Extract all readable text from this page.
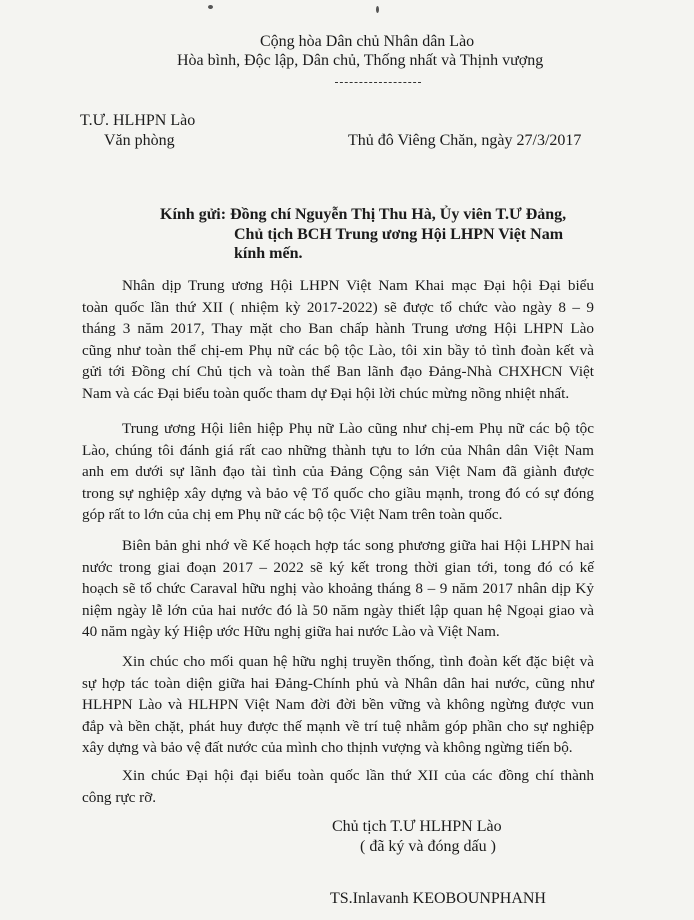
Cộng hòa Dân chủ Nhân dân Lào
Hòa bình, Độc lập, Dân chủ, Thống nhất và Thịnh vượng
T.Ư. HLHPN Lào
Văn phòng	Thủ đô Viêng Chăn, ngày 27/3/2017
Kính gửi: Đồng chí Nguyễn Thị Thu Hà, Ủy viên T.Ư Đảng,
Chủ tịch BCH Trung ương Hội LHPN Việt Nam
kính mến.
Nhân dịp Trung ương Hội LHPN Việt Nam Khai mạc Đại hội Đại biểu
toàn quốc lần thứ XII ( nhiệm kỳ 2017-2022) sẽ được tổ chức vào ngày 8 – 9
tháng 3 năm 2017, Thay mặt cho Ban chấp hành Trung ương Hội LHPN Lào
cũng như toàn thể chị-em Phụ nữ các bộ tộc Lào, tôi xin bầy tỏ tình đoàn kết và
gửi tới Đồng chí Chủ tịch và toàn thể Ban lãnh đạo Đảng-Nhà CHXHCN Việt
Nam và các Đại biểu toàn quốc tham dự Đại hội lời chúc mừng nồng nhiệt nhất.
Trung ương Hội liên hiệp Phụ nữ Lào cũng như chị-em Phụ nữ các bộ tộc
Lào, chúng tôi đánh giá rất cao những thành tựu to lớn của Nhân dân Việt Nam
anh em dưới sự lãnh đạo tài tình của Đảng Cộng sản Việt Nam đã giành được
trong sự nghiệp xây dựng và bảo vệ Tổ quốc cho giầu mạnh, trong đó có sự đóng
góp rất to lớn của chị em Phụ nữ các bộ tộc Việt Nam trên toàn quốc.
Biên bản ghi nhớ về Kế hoạch hợp tác song phương giữa hai Hội LHPN hai
nước trong giai đoạn 2017 – 2022 sẽ ký kết trong thời gian tới, tong đó có kế
hoạch sẽ tổ chức Caraval hữu nghị vào khoảng tháng 8 – 9 năm 2017 nhân dịp Kỷ
niệm ngày lễ lớn của hai nước đó là 50 năm ngày thiết lập quan hệ Ngoại giao và
40 năm ngày ký Hiệp ước Hữu nghị giữa hai nước Lào và Việt Nam.
Xin chúc cho mối quan hệ hữu nghị truyền thống, tình đoàn kết đặc biệt và
sự hợp tác toàn diện giữa hai Đảng-Chính phủ và Nhân dân hai nước, cũng như
HLHPN Lào và HLHPN Việt Nam đời đời bền vững và không ngừng được vun
đắp và bền chặt, phát huy được thế mạnh về trí tuệ nhằm góp phần cho sự nghiệp
xây dựng và bảo vệ đất nước của mình cho thịnh vượng và không ngừng tiến bộ.
Xin chúc Đại hội đại biểu toàn quốc lần thứ XII của các đồng chí thành
công rực rỡ.
Chủ tịch T.Ư HLHPN Lào
( đã ký và đóng dấu )
TS.Inlavanh KEOBOUNPHANH
